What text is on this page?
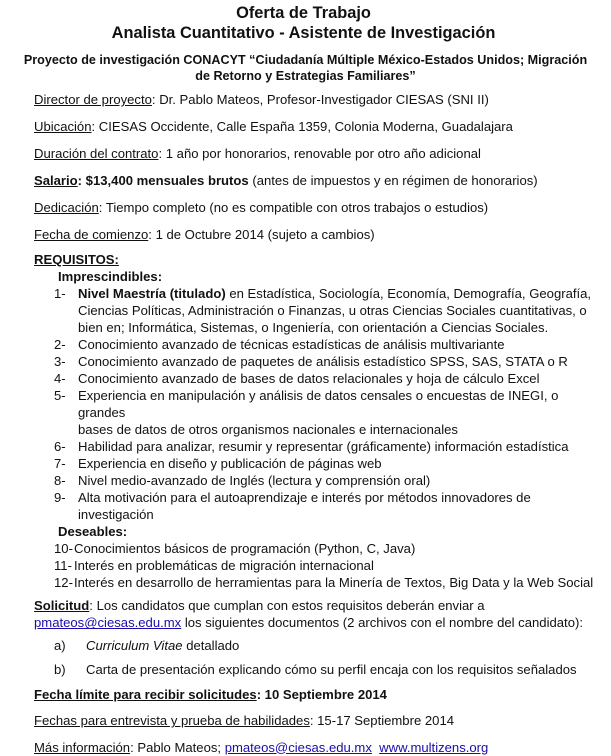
Oferta de Trabajo
Analista Cuantitativo - Asistente de Investigación
Proyecto de investigación CONACYT “Ciudadanía Múltiple México-Estados Unidos; Migración
de Retorno y Estrategias Familiares”
Director de proyecto: Dr. Pablo Mateos, Profesor-Investigador CIESAS (SNI II)
Ubicación: CIESAS Occidente, Calle España 1359, Colonia Moderna, Guadalajara
Duración del contrato: 1 año por honorarios, renovable por otro año adicional
Salario: $13,400 mensuales brutos (antes de impuestos y en régimen de honorarios)
Dedicación: Tiempo completo (no es compatible con otros trabajos o estudios)
Fecha de comienzo: 1 de Octubre 2014 (sujeto a cambios)
REQUISITOS:
Imprescindibles:
1- Nivel Maestría (titulado) en Estadística, Sociología, Economía, Demografía, Geografía,
Ciencias Políticas, Administración o Finanzas, u otras Ciencias Sociales cuantitativas, o
bien en; Informática, Sistemas, o Ingeniería, con orientación a Ciencias Sociales.
2- Conocimiento avanzado de técnicas estadísticas de análisis multivariante
3- Conocimiento avanzado de paquetes de análisis estadístico SPSS, SAS, STATA o R
4- Conocimiento avanzado de bases de datos relacionales y hoja de cálculo Excel
5- Experiencia en manipulación y análisis de datos censales o encuestas de INEGI, o grandes
bases de datos de otros organismos nacionales e internacionales
6- Habilidad para analizar, resumir y representar (gráficamente) información estadística
7- Experiencia en diseño y publicación de páginas web
8- Nivel medio-avanzado de Inglés (lectura y comprensión oral)
9- Alta motivación para el autoaprendizaje e interés por métodos innovadores de
investigación
Deseables:
10- Conocimientos básicos de programación (Python, C, Java)
11- Interés en problemáticas de migración internacional
12- Interés en desarrollo de herramientas para la Minería de Textos, Big Data y la Web Social
Solicitud: Los candidatos que cumplan con estos requisitos deberán enviar a
pmateos@ciesas.edu.mx los siguientes documentos (2 archivos con el nombre del candidato):
a) Curriculum Vitae detallado
b) Carta de presentación explicando cómo su perfil encaja con los requisitos señalados
Fecha límite para recibir solicitudes: 10 Septiembre 2014
Fechas para entrevista y prueba de habilidades: 15-17 Septiembre 2014
Más información: Pablo Mateos; pmateos@ciesas.edu.mx www.multizens.org
